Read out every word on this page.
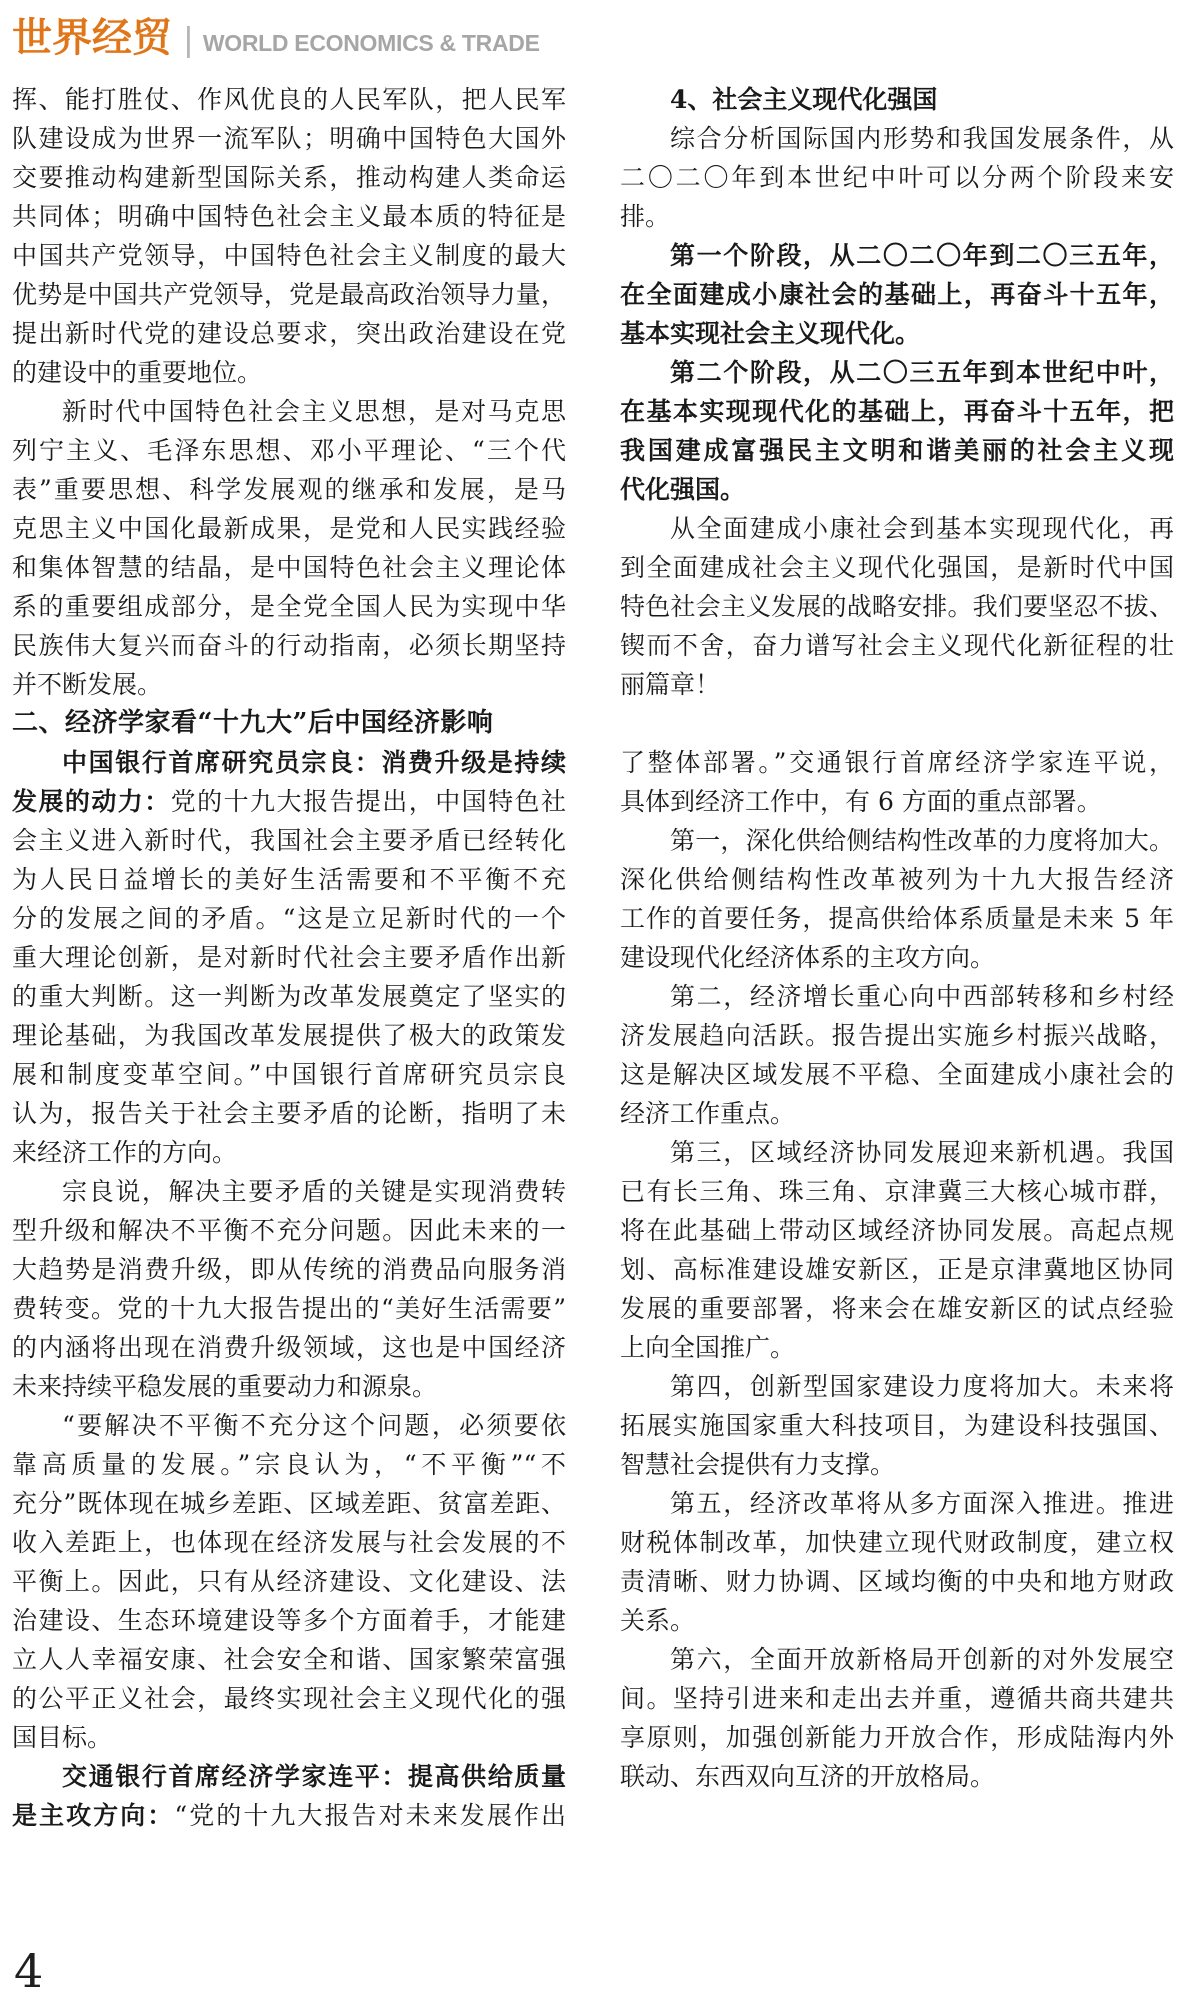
世界经贸 | WORLD ECONOMICS & TRADE
挥、能打胜仗、作风优良的人民军队，把人民军
队建设成为世界一流军队；明确中国特色大国外
交要推动构建新型国际关系，推动构建人类命运
共同体；明确中国特色社会主义最本质的特征是
中国共产党领导，中国特色社会主义制度的最大
优势是中国共产党领导，党是最高政治领导力量，
提出新时代党的建设总要求，突出政治建设在党
的建设中的重要地位。
新时代中国特色社会主义思想，是对马克思
列宁主义、毛泽东思想、邓小平理论、“三个代
表”重要思想、科学发展观的继承和发展，是马
克思主义中国化最新成果，是党和人民实践经验
和集体智慧的结晶，是中国特色社会主义理论体
系的重要组成部分，是全党全国人民为实现中华
民族伟大复兴而奋斗的行动指南，必须长期坚持
并不断发展。
二、经济学家看“十九大”后中国经济影响
中国银行首席研究员宗良：消费升级是持续
发展的动力：党的十九大报告提出，中国特色社
会主义进入新时代，我国社会主要矛盾已经转化
为人民日益增长的美好生活需要和不平衡不充
分的发展之间的矛盾。“这是立足新时代的一个
重大理论创新，是对新时代社会主要矛盾作出新
的重大判断。这一判断为改革发展奠定了坚实的
理论基础，为我国改革发展提供了极大的政策发
展和制度变革空间。”中国银行首席研究员宗良
认为，报告关于社会主要矛盾的论断，指明了未
来经济工作的方向。
宗良说，解决主要矛盾的关键是实现消费转
型升级和解决不平衡不充分问题。因此未来的一
大趋势是消费升级，即从传统的消费品向服务消
费转变。党的十九大报告提出的“美好生活需要”
的内涵将出现在消费升级领域，这也是中国经济
未来持续平稳发展的重要动力和源泉。
“要解决不平衡不充分这个问题，必须要依
靠高质量的发展。”宗良认为，“不平衡”“不
充分”既体现在城乡差距、区域差距、贫富差距、
收入差距上，也体现在经济发展与社会发展的不
平衡上。因此，只有从经济建设、文化建设、法
治建设、生态环境建设等多个方面着手，才能建
立人人幸福安康、社会安全和谐、国家繁荣富强
的公平正义社会，最终实现社会主义现代化的强
国目标。
交通银行首席经济学家连平：提高供给质量
是主攻方向：“党的十九大报告对未来发展作出
4、社会主义现代化强国
综合分析国际国内形势和我国发展条件，从
二〇二〇年到本世纪中叶可以分两个阶段来安
排。
第一个阶段，从二〇二〇年到二〇三五年，
在全面建成小康社会的基础上，再奋斗十五年，
基本实现社会主义现代化。
第二个阶段，从二〇三五年到本世纪中叶，
在基本实现现代化的基础上，再奋斗十五年，把
我国建成富强民主文明和谐美丽的社会主义现
代化强国。
从全面建成小康社会到基本实现现代化，再
到全面建成社会主义现代化强国，是新时代中国
特色社会主义发展的战略安排。我们要坚忍不拔、
锲而不舍，奋力谱写社会主义现代化新征程的壮
丽篇章！
了整体部署。”交通银行首席经济学家连平说，
具体到经济工作中，有 6 方面的重点部署。
第一，深化供给侧结构性改革的力度将加大。
深化供给侧结构性改革被列为十九大报告经济
工作的首要任务，提高供给体系质量是未来 5 年
建设现代化经济体系的主攻方向。
第二，经济增长重心向中西部转移和乡村经
济发展趋向活跃。报告提出实施乡村振兴战略，
这是解决区域发展不平稳、全面建成小康社会的
经济工作重点。
第三，区域经济协同发展迎来新机遇。我国
已有长三角、珠三角、京津冀三大核心城市群，
将在此基础上带动区域经济协同发展。高起点规
划、高标准建设雄安新区，正是京津冀地区协同
发展的重要部署，将来会在雄安新区的试点经验
上向全国推广。
第四，创新型国家建设力度将加大。未来将
拓展实施国家重大科技项目，为建设科技强国、
智慧社会提供有力支撑。
第五，经济改革将从多方面深入推进。推进
财税体制改革，加快建立现代财政制度，建立权
责清晰、财力协调、区域均衡的中央和地方财政
关系。
第六，全面开放新格局开创新的对外发展空
间。坚持引进来和走出去并重，遵循共商共建共
享原则，加强创新能力开放合作，形成陆海内外
联动、东西双向互济的开放格局。
4
